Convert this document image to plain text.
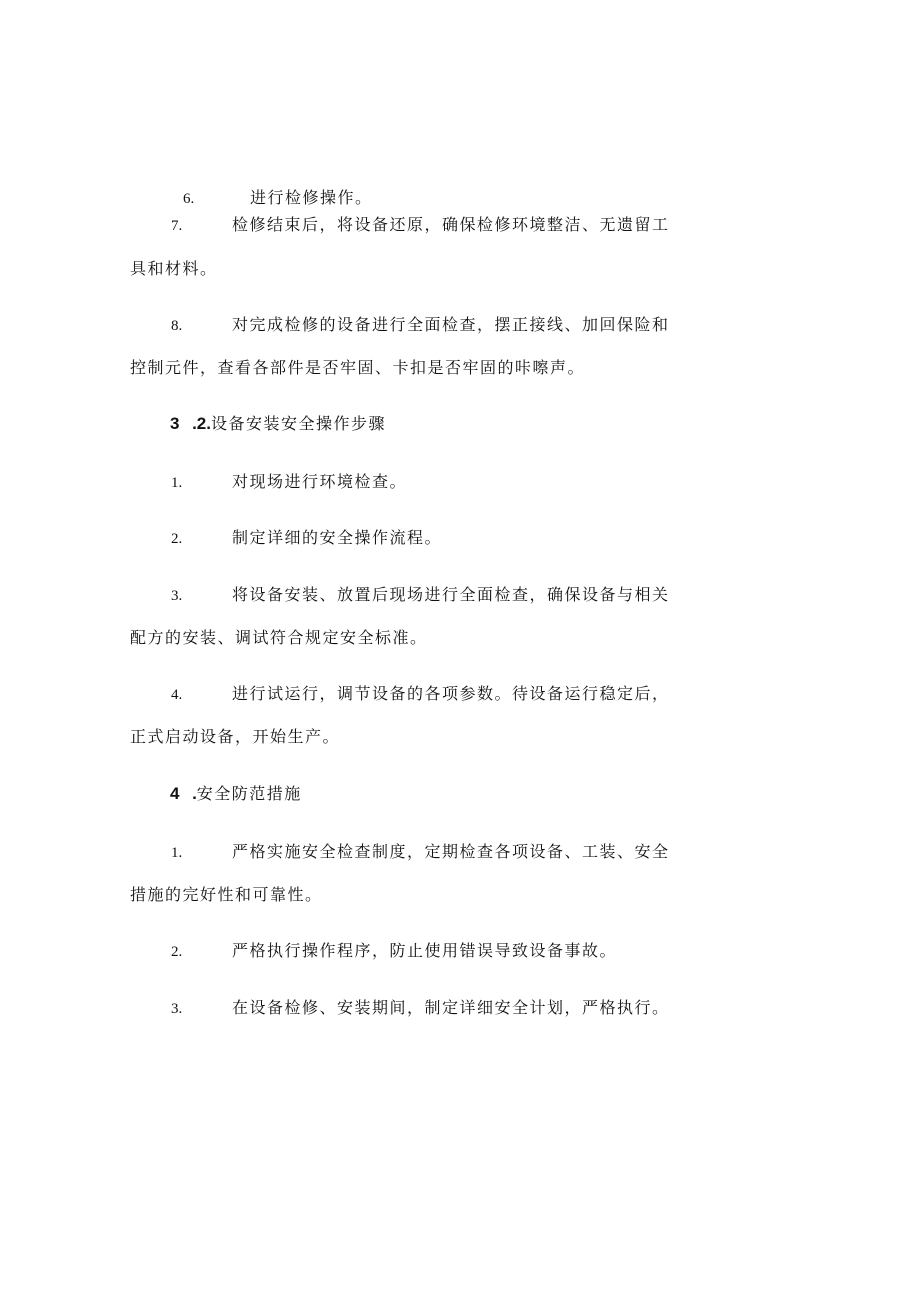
6.	进行检修操作。
7.	检修结束后，将设备还原，确保检修环境整洁、无遗留工
具和材料。
8.	对完成检修的设备进行全面检查，摆正接线、加回保险和
控制元件，查看各部件是否牢固、卡扣是否牢固的咔嚓声。
3 .2.设备安装安全操作步骤
1.	对现场进行环境检查。
2.	制定详细的安全操作流程。
3.	将设备安装、放置后现场进行全面检查，确保设备与相关
配方的安装、调试符合规定安全标准。
4.	进行试运行，调节设备的各项参数。待设备运行稳定后，
正式启动设备，开始生产。
4 .安全防范措施
1.	严格实施安全检查制度，定期检查各项设备、工装、安全
措施的完好性和可靠性。
2.	严格执行操作程序，防止使用错误导致设备事故。
3.	在设备检修、安装期间，制定详细安全计划，严格执行。
